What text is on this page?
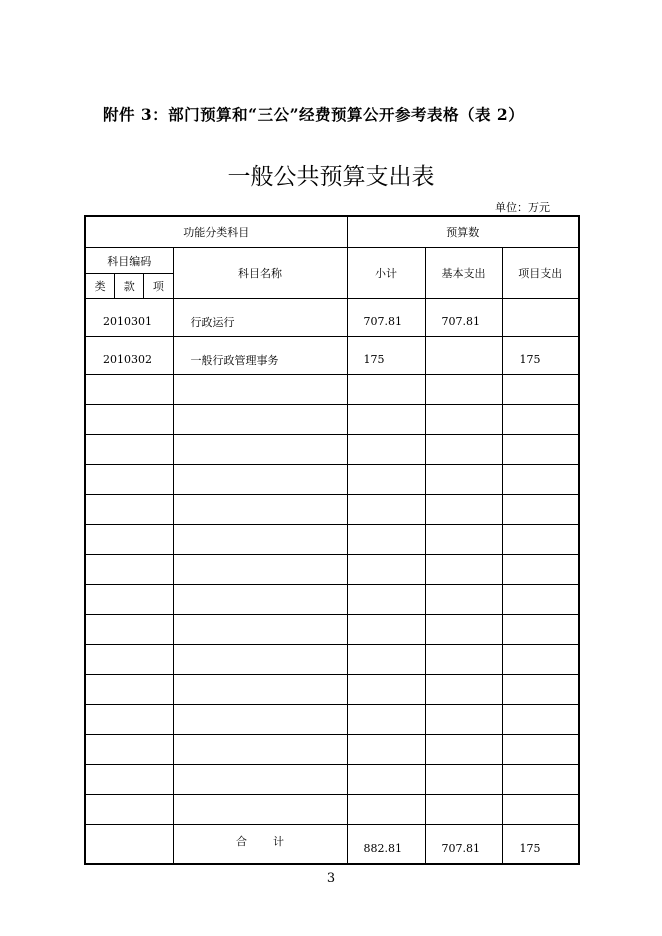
附件 3：部门预算和“三公”经费预算公开参考表格（表 2）
一般公共预算支出表
单位：万元
功能分类科目		预算数		

科目编码
类 款 项	科目名称	小计	基本支出	项目支出
2010301	行政运行	707.81	707.81	
2010302	一般行政管理事务	175		175

	合 计	882.81	707.81	175
3
